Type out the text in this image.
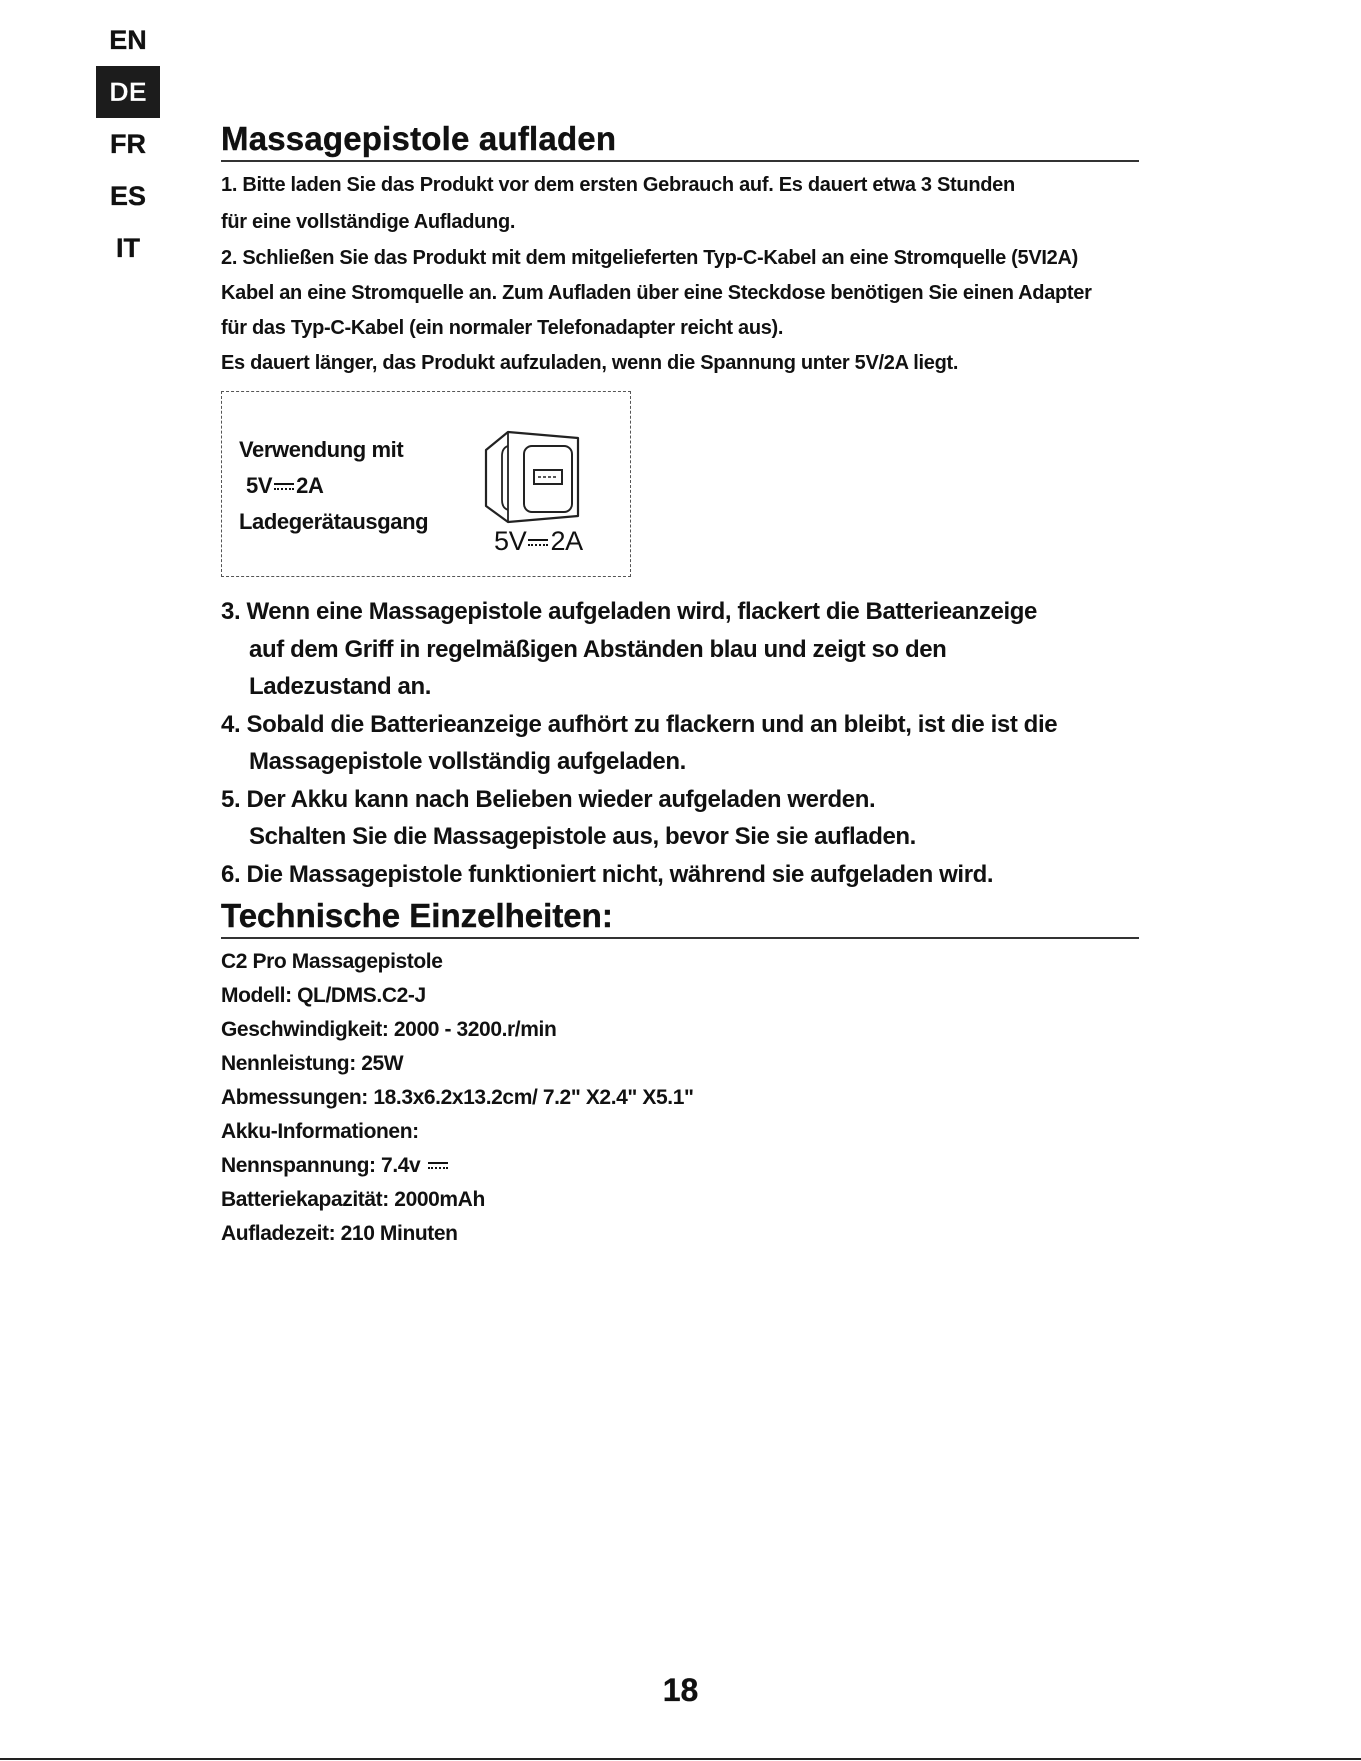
EN
DE
FR
ES
IT
Massagepistole aufladen

1. Bitte laden Sie das Produkt vor dem ersten Gebrauch auf. Es dauert etwa 3 Stunden

für eine vollständige Aufladung.

2. Schließen Sie das Produkt mit dem mitgelieferten Typ-C-Kabel an eine Stromquelle (5VI2A)

Kabel an eine Stromquelle an. Zum Aufladen über eine Steckdose benötigen Sie einen Adapter

für das Typ-C-Kabel (ein normaler Telefonadapter reicht aus).

Es dauert länger, das Produkt aufzuladen, wenn die Spannung unter 5V/2A liegt.

Verwendung mit
5V 2A
Ladegerätausgang
5V 2A

3. Wenn eine Massagepistole aufgeladen wird, flackert die Batterieanzeige

auf dem Griff in regelmäßigen Abständen blau und zeigt so den

Ladezustand an.

4. Sobald die Batterieanzeige aufhört zu flackern und an bleibt, ist die ist die

Massagepistole vollständig aufgeladen.

5. Der Akku kann nach Belieben wieder aufgeladen werden.

Schalten Sie die Massagepistole aus, bevor Sie sie aufladen.

6. Die Massagepistole funktioniert nicht, während sie aufgeladen wird.

Technische Einzelheiten:

C2 Pro Massagepistole

Modell: QL/DMS.C2-J

Geschwindigkeit: 2000 - 3200.r/min

Nennleistung: 25W

Abmessungen: 18.3x6.2x13.2cm/ 7.2" X2.4" X5.1"

Akku-Informationen:

Nennspannung: 7.4v

Batteriekapazität: 2000mAh

Aufladezeit: 210 Minuten

18
